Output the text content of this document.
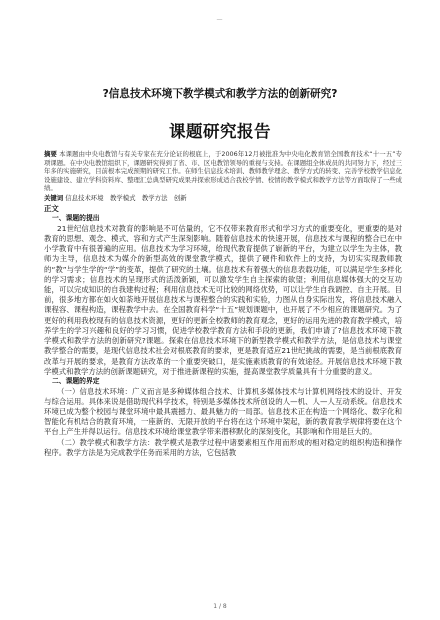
—
?信息技术环境下教学模式和教学方法的创新研究?
课题研究报告

摘要 本课题由中央电教馆与有关专家在充分论证的根底上，于2006年12月被批准为中央电化教育馆全国教育技术“十一五”专项课题。在中央电教馆组织下，课题研究得到了省、市、区电教馆领导的重视与支持。在课题组全体成员的共同努力下，经过三年多的实施研究，目前根本完成预期的研究工作。在师生信息技术培训、教师教学理念、教学方式的转变、完善学校教学信息化设施建设、建立学科资料库、整理汇总典型研究成果并探索形成适合我校学情、校情的教学模式和教学方法等方面取得了一些成绩。

关键词 信息技术环境　教学模式　教学方法　创新

正文

一、课题的提出

21世纪信息技术对教育的影响是不可估量的，它不仅带来教育形式和学习方式的重要变化，更重要的是对教育的思想、观念、模式、容和方式产生深刻影响。随着信息技术的快速开展，信息技术与课程的整合已在中小学教育中有很普遍的应用。信息技术为学习环境，给现代教育提供了崭新的平台，为建立以学生为主体，教师为主导，信息技术为媒介的新型高效的课堂教学模式，提供了硬件和软件上的支持，为切实实现教师教的“教”与学生学的“学”的变革，提供了研究的土壤。信息技术有着强大的信息表载功能，可以满足学生多样化的学习需求；信息技术的呈现形式的活泼新颖，可以激发学生自主探索的欲望；利用信息媒体强大的交互功能，可以完成知识的自我建构过程；利用信息技术无可比较的网络优势，可以让学生自我调控、自主开展。目前，很多地方都在如火如荼地开展信息技术与课程整合的实践和实验，力图从自身实际出发，将信息技术融入课程容、课程构造，课程教学中去。在全国教育科学“十五”规划课题中，也开展了不少相应的课题研究。为了更好的利用我校现有的信息技术资源，更好的更新全校教师的教育观念，更好的运用先进的教育教学模式，培养学生的学习兴趣和良好的学习习惯，促进学校教学教育方法和手段的更新，我们申请了?信息技术环境下教学模式和教学方法的创新研究?课题。探索在信息技术环境下的新型教学模式和教学方法，是信息技术与课堂教学整合的需要，是现代信息技术社会对根底教育的要求，更是教育适应21世纪挑战的需要，是当前根底教育改革与开展的要求，是教育方法改革的一个重要突破口，是实施素质教育的有效途径。开展信息技术环境下教学模式和教学方法的创新课题研究，对于推进新课程的实施，提高课堂教学质量具有十分重要的意义。

二、课题的界定

（一）信息技术环境：广义而言是多种媒体组合技术、计算机多媒体技术与计算机网络技术的设计、开发与综合运用。具体来说是借助现代科学技术，特别是多媒体技术所创设的人—机、人—人互动系统。信息技术环境已成为整个校园与课堂环境中最具震撼力、最具魅力的一局部。信息技术正在构造一个网络化、数字化和智能化有机结合的教育环境，一座新的、无限开放的平台将在这个环境中架起，新的教育教学规律将要在这个平台上产生并得以运行。信息技术环境给课堂教学带来潜移默化的深刻变化，其影响和作用是巨大的。

（二）教学模式和教学方法：教学模式是教学过程中诸要素相互作用而形成的相对稳定的组织构造和操作程序。教学方法是为完成教学任务而采用的方法，它包括教

1 / 8
